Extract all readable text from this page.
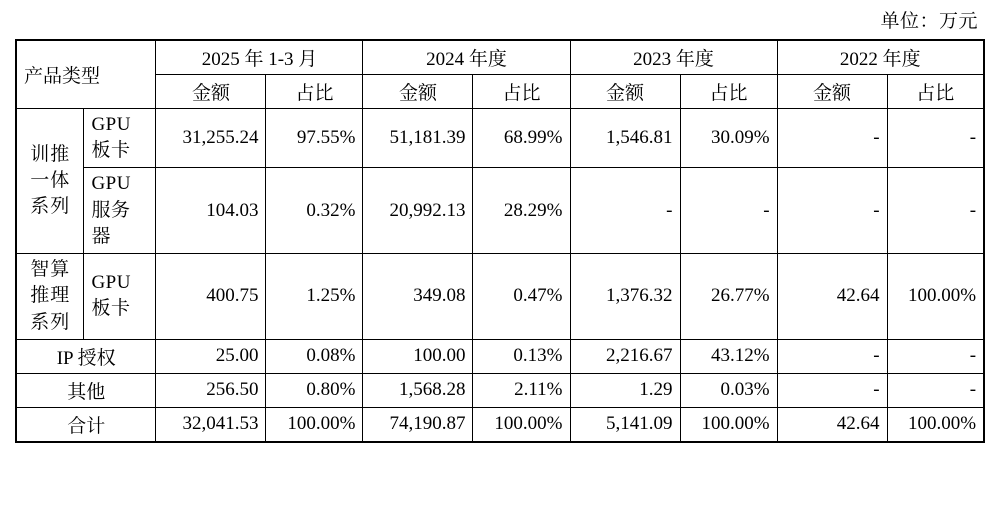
单位：万元
产品类型		2025 年 1-3 月		2024 年度		2023 年度		2022 年度	
		金额	占比	金额	占比	金额	占比	金额	占比
训推一体系列	GPU 板卡	31,255.24	97.55%	51,181.39	68.99%	1,546.81	30.09%	-	-
	GPU 服务器	104.03	0.32%	20,992.13	28.29%	-	-	-	-
智算推理系列	GPU 板卡	400.75	1.25%	349.08	0.47%	1,376.32	26.77%	42.64	100.00%
IP 授权		25.00	0.08%	100.00	0.13%	2,216.67	43.12%	-	-
其他		256.50	0.80%	1,568.28	2.11%	1.29	0.03%	-	-
合计		32,041.53	100.00%	74,190.87	100.00%	5,141.09	100.00%	42.64	100.00%
